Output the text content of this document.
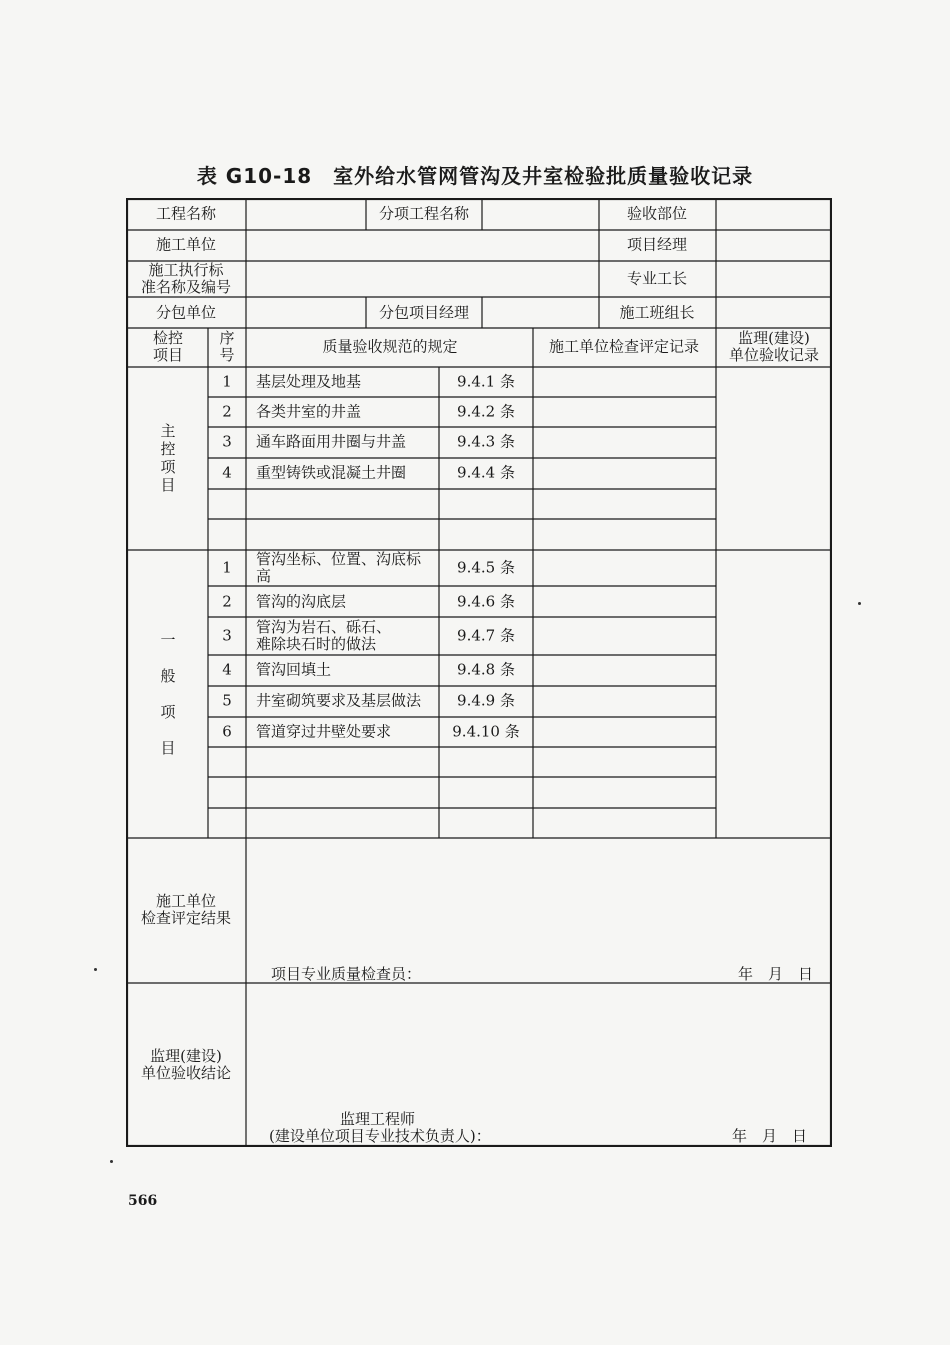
表 G10-18　室外给水管网管沟及井室检验批质量验收记录
工程名称	分项工程名称	验收部位
施工单位	项目经理
施工执行标
准名称及编号	专业工长
分包单位	分包项目经理	施工班组长
检控
项目
序
号	质量验收规范的规定	施工单位检查评定记录	监理(建设)
单位验收记录
主
控
项
目
1 基层处理及地基	9.4.1 条
2 各类井室的井盖	9.4.2 条
3 通车路面用井圈与井盖	9.4.3 条
4 重型铸铁或混凝土井圈	9.4.4 条
一
般
项
目
1 管沟坐标、位置、沟底标
高	9.4.5 条
2 管沟的沟底层	9.4.6 条
3 管沟为岩石、砾石、
难除块石时的做法	9.4.7 条
4 管沟回填土	9.4.8 条
5 井室砌筑要求及基层做法 9.4.9 条
6 管道穿过井壁处要求	9.4.10 条
施工单位
检查评定结果
项目专业质量检查员：	年　月　日
监理(建设)
单位验收结论
监理工程师
(建设单位项目专业技术负责人)：	年　月　日
566
